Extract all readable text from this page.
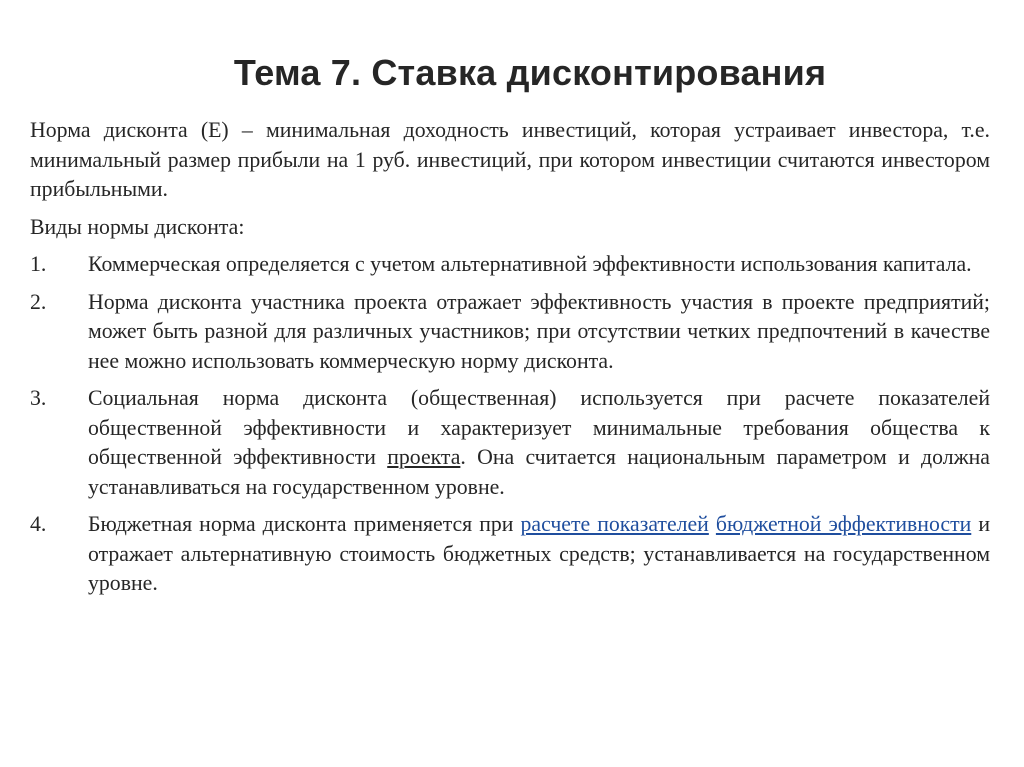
Тема 7. Ставка дисконтирования

Норма дисконта (Е) – минимальная доходность инвестиций, которая устраивает инвестора, т.е. минимальный размер прибыли на 1 руб. инвестиций, при котором инвестиции считаются инвестором прибыльными.

Виды нормы дисконта:

1.	Коммерческая определяется с учетом альтернативной эффективности использования капитала.
2.	Норма дисконта участника проекта отражает эффективность участия в проекте предприятий; может быть разной для различных участников; при отсутствии четких предпочтений в качестве нее можно использовать коммерческую норму дисконта.
3.	Социальная норма дисконта (общественная) используется при расчете показателей общественной эффективности и характеризует минимальные требования общества к общественной эффективности проекта. Она считается национальным параметром и должна устанавливаться на государственном уровне.
4.	Бюджетная норма дисконта применяется при расчете показателей бюджетной эффективности и отражает альтернативную стоимость бюджетных средств; устанавливается на государственном уровне.
